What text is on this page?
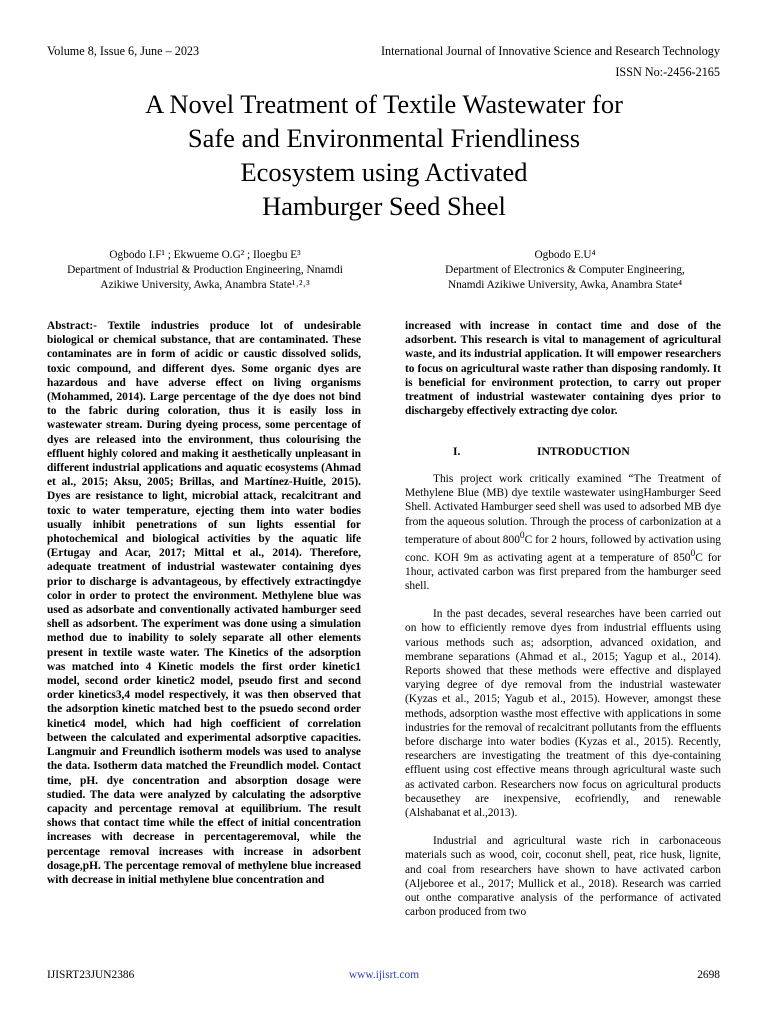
Volume 8, Issue 6, June – 2023	International Journal of Innovative Science and Research Technology
ISSN No:-2456-2165
A Novel Treatment of Textile Wastewater for
Safe and Environmental Friendliness
Ecosystem using Activated
Hamburger Seed Sheel
Ogbodo I.F¹ ; Ekwueme O.G² ; Iloegbu E³
Department of Industrial & Production Engineering, Nnamdi
Azikiwe University, Awka, Anambra State¹˒²˒³
Ogbodo E.U⁴
Department of Electronics & Computer Engineering,
Nnamdi Azikiwe University, Awka, Anambra State⁴

Abstract:- Textile industries produce lot of undesirable biological or chemical substance, that are contaminated. These contaminates are in form of acidic or caustic dissolved solids, toxic compound, and different dyes. Some organic dyes are hazardous and have adverse effect on living organisms (Mohammed, 2014). Large percentage of the dye does not bind to the fabric during coloration, thus it is easily loss in wastewater stream. During dyeing process, some percentage of dyes are released into the environment, thus colourising the effluent highly colored and making it aesthetically unpleasant in different industrial applications and aquatic ecosystems (Ahmad et al., 2015; Aksu, 2005; Brillas, and Martínez-Huitle, 2015). Dyes are resistance to light, microbial attack, recalcitrant and toxic to water temperature, ejecting them into water bodies usually inhibit penetrations of sun lights essential for photochemical and biological activities by the aquatic life (Ertugay and Acar, 2017; Mittal et al., 2014). Therefore, adequate treatment of industrial wastewater containing dyes prior to discharge is advantageous, by effectively extractingdye color in order to protect the environment. Methylene blue was used as adsorbate and conventionally activated hamburger seed shell as adsorbent. The experiment was done using a simulation method due to inability to solely separate all other elements present in textile waste water. The Kinetics of the adsorption was matched into 4 Kinetic models the first order kinetic1 model, second order kinetic2 model, pseudo first and second order kinetics3,4 model respectively, it was then observed that the adsorption kinetic matched best to the psuedo second order kinetic4 model, which had high coefficient of correlation between the calculated and experimental adsorptive capacities. Langmuir and Freundlich isotherm models was used to analyse the data. Isotherm data matched the Freundlich model. Contact time, pH. dye concentration and absorption dosage were studied. The data were analyzed by calculating the adsorptive capacity and percentage removal at equilibrium. The result shows that contact time while the effect of initial concentration increases with decrease in percentageremoval, while the percentage removal increases with increase in adsorbent dosage,pH. The percentage removal of methylene blue increased with decrease in initial methylene blue concentration and

increased with increase in contact time and dose of the adsorbent. This research is vital to management of agricultural waste, and its industrial application. It will empower researchers to focus on agricultural waste rather than disposing randomly. It is beneficial for environment protection, to carry out proper treatment of industrial wastewater containing dyes prior to dischargeby effectively extracting dye color.

I.	INTRODUCTION

This project work critically examined “The Treatment of Methylene Blue (MB) dye textile wastewater usingHamburger Seed Shell. Activated Hamburger seed shell was used to adsorbed MB dye from the aqueous solution. Through the process of carbonization at a temperature of about $800^0C$ for 2 hours, followed by activation using conc. KOH 9m as activating agent at a temperature of $850^0C$ for 1hour, activated carbon was first prepared from the hamburger seed shell.

In the past decades, several researches have been carried out on how to efficiently remove dyes from industrial effluents using various methods such as; adsorption, advanced oxidation, and membrane separations (Ahmad et al., 2015; Yagup et al., 2014). Reports showed that these methods were effective and displayed varying degree of dye removal from the industrial wastewater (Kyzas et al., 2015; Yagub et al., 2015). However, amongst these methods, adsorption wasthe most effective with applications in some industries for the removal of recalcitrant pollutants from the effluents before discharge into water bodies (Kyzas et al., 2015). Recently, researchers are investigating the treatment of this dye-containing effluent using cost effective means through agricultural waste such as activated carbon. Researchers now focus on agricultural products becausethey are inexpensive, ecofriendly, and renewable (Alshabanat et al.,2013).

Industrial and agricultural waste rich in carbonaceous materials such as wood, coir, coconut shell, peat, rice husk, lignite, and coal from researchers have shown to have activated carbon (Aljeboree et al., 2017; Mullick et al., 2018). Research was carried out onthe comparative analysis of the performance of activated carbon produced from two

IJISRT23JUN2386	www.ijisrt.com	2698
